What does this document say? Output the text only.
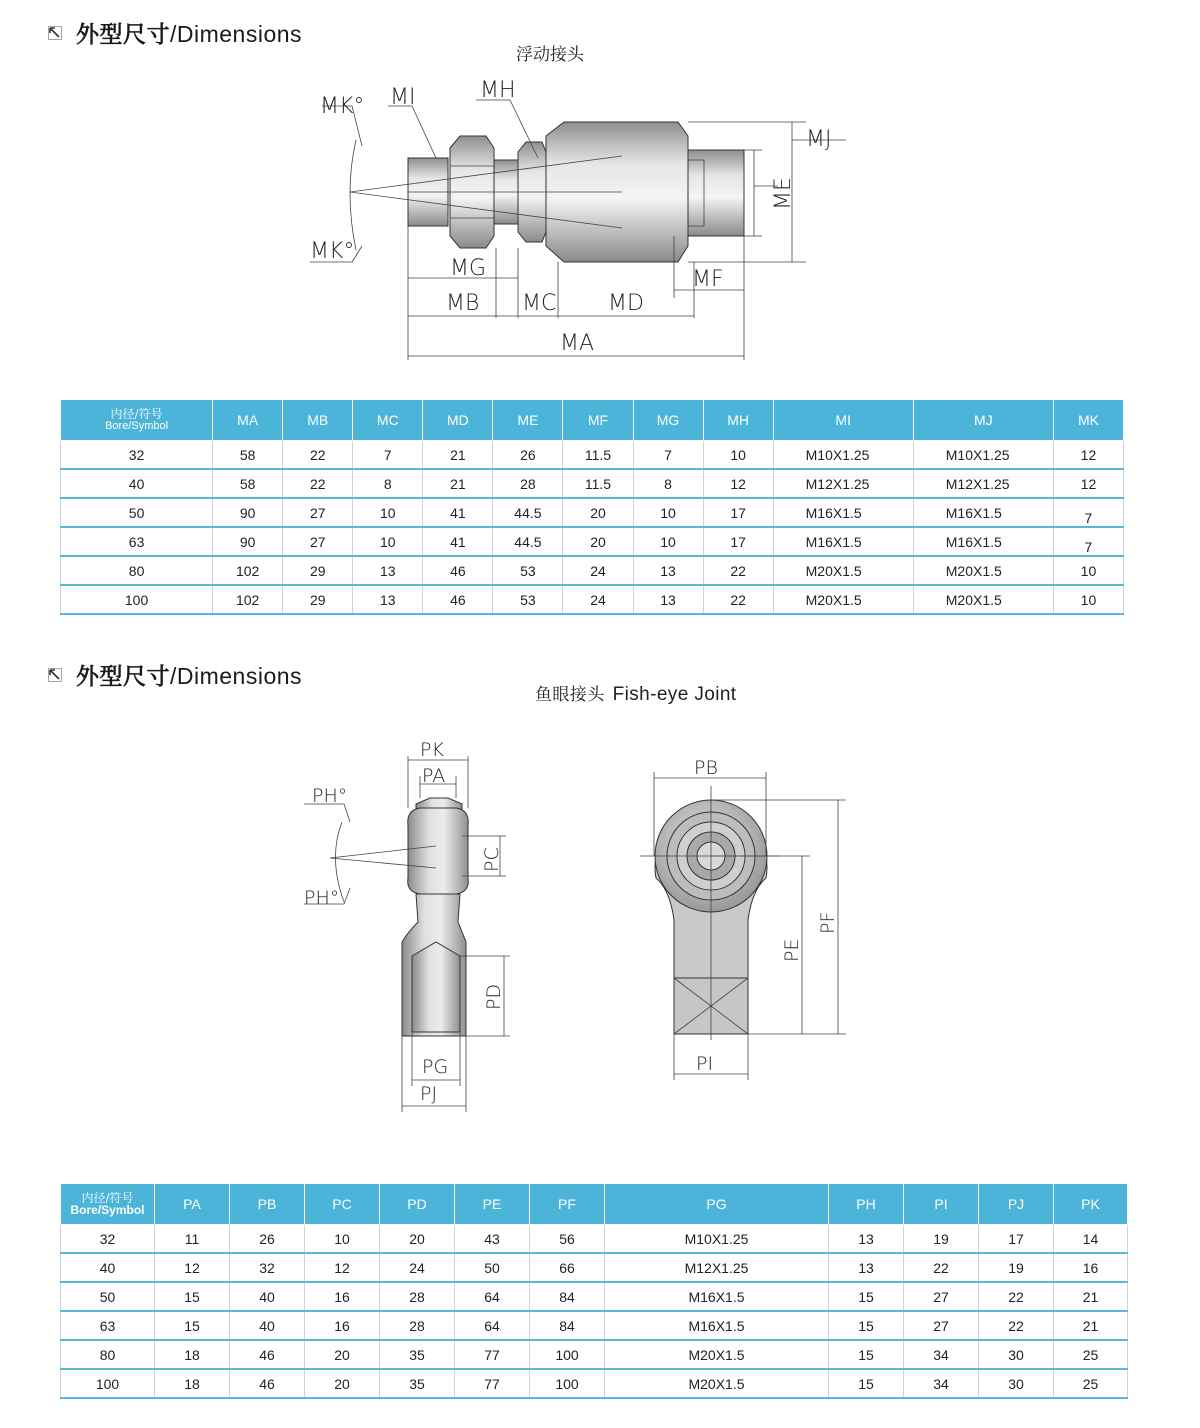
外型尺寸/Dimensions
浮动接头
MK° MI	MH
MJ
ME
MK°
MG	MF
MB MC MD
MA
内径/符号
Bore/Symbol	MA	MB	MC	MD	ME	MF	MG	MH	MI	MJ	MK
32	58	22	7	21	26	11.5	7	10	M10X1.25	M10X1.25	12
40	58	22	8	21	28	11.5	8	12	M12X1.25	M12X1.25	12
50	90	27	10	41	44.5	20	10	17	M16X1.5	M16X1.5	7
63	90	27	10	41	44.5	20	10	17	M16X1.5	M16X1.5	7
80	102	29	13	46	53	24	13	22	M20X1.5	M20X1.5	10
100	102	29	13	46	53	24	13	22	M20X1.5	M20X1.5	10
外型尺寸/Dimensions
鱼眼接头 Fish-eye Joint
PK
PA
PH°
PC
PH°
PD
PG
PJ
PB
PE
PF
PI
内径/符号
Bore/Symbol	PA	PB	PC	PD	PE	PF	PG	PH	PI	PJ	PK
32	11	26	10	20	43	56	M10X1.25	13	19	17	14
40	12	32	12	24	50	66	M12X1.25	13	22	19	16
50	15	40	16	28	64	84	M16X1.5	15	27	22	21
63	15	40	16	28	64	84	M16X1.5	15	27	22	21
80	18	46	20	35	77	100	M20X1.5	15	34	30	25
100	18	46	20	35	77	100	M20X1.5	15	34	30	25
